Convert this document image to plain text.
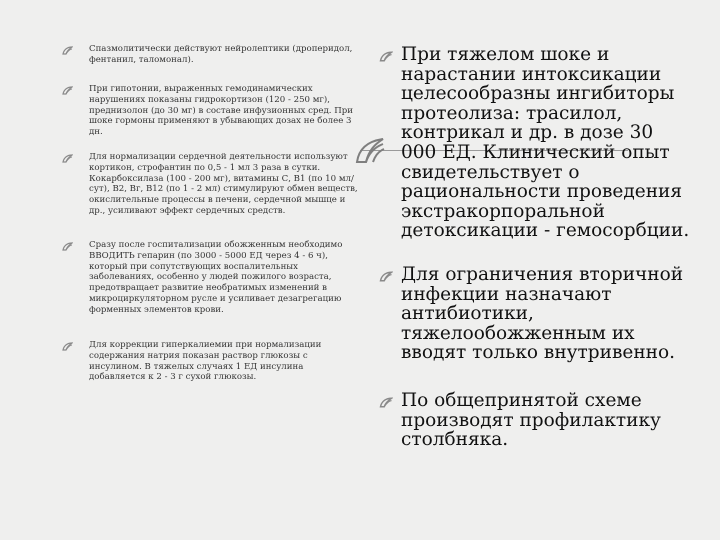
Спазмолитически действуют нейролептики (дроперидол, фентанил, таломонал).
При гипотонии, выраженных гемодинамических нарушениях показаны гидрокортизон (120 - 250 мг), преднизолон (до 30 мг) в составе инфузионных сред. При шоке гормоны применяют в убывающих дозах не более 3 дн.
Для нормализации сердечной деятельности используют кортикон, строфантин по 0,5 - 1 мл 3 раза в сутки. Кокарбоксилаза (100 - 200 мг), витамины С, В1 (по 10 мл/сут), В2, Вг, В12 (по 1 - 2 мл) стимулируют обмен веществ, окислительные процессы в печени, сердечной мышце и др., усиливают эффект сердечных средств.
Сразу после госпитализации обожженным необходимо ВВОДИТЬ гепарин (по 3000 - 5000 ЕД через 4 - 6 ч), который при сопутствующих воспалительных заболеваниях, особенно у людей пожилого возраста, предотвращает развитие необратимых изменений в микроциркуляторном русле и усиливает дезагрегацию форменных элементов крови.
Для коррекции гиперкалиемии при нормализации содержания натрия показан раствор глюкозы с инсулином. В тяжелых случаях 1 ЕД инсулина добавляется к 2 - 3 г сухой глюкозы.
При тяжелом шоке и нарастании интоксикации целесообразны ингибиторы протеолиза: трасилол, контрикал и др. в дозе 30 000 ЕД. Клинический опыт свидетельствует о рациональности проведения экстракорпоральной детоксикации - гемосорбции.
Для ограничения вторичной инфекции назначают антибиотики, тяжелообожженным их вводят только внутривенно.
По общепринятой схеме производят профилактику столбняка.
